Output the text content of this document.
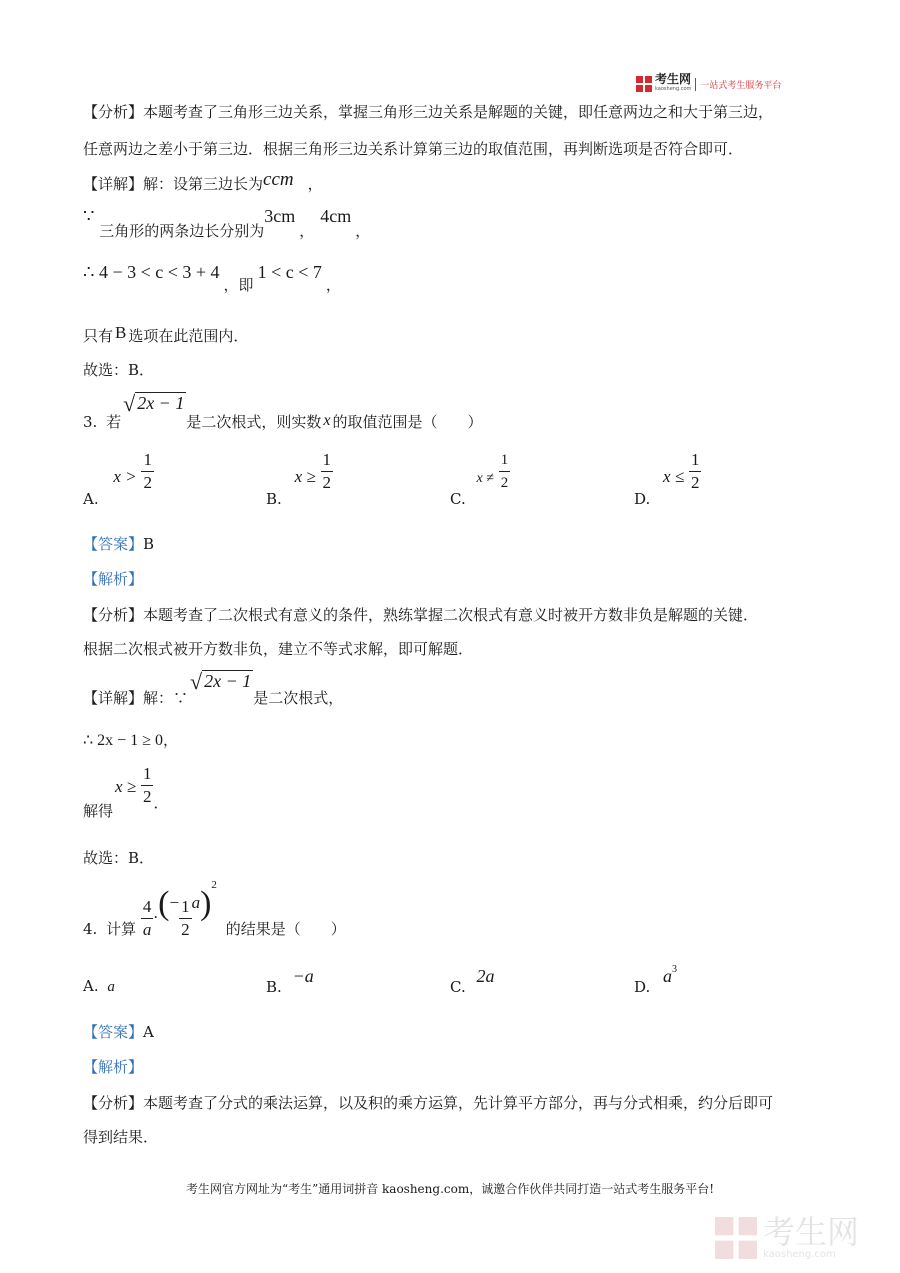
考生网
kaosheng.com	一站式考生服务平台
【分析】本题考查了三角形三边关系，掌握三角形三边关系是解题的关键，即任意两边之和大于第三边，
任意两边之差小于第三边．根据三角形三边关系计算第三边的取值范围，再判断选项是否符合即可．
【详解】解：设第三边长为ccm ，
∵ 三角形的两条边长分别为3cm，4cm，
∴ 4 − 3 < c < 3 + 4，即1 < c < 7，
只有 B 选项在此范围内．
故选：B．
3. 若
√ 2x − 1
是二次根式，则实数 x 的取值范围是（　　）
A. $x > \frac{1}{2}$
B. $x \ge \frac{1}{2}$
C. $x \ne \frac{1}{2}$
D. $x \le \frac{1}{2}$
【答案】B
【解析】
【分析】本题考查了二次根式有意义的条件，熟练掌握二次根式有意义时被开方数非负是解题的关键．
根据二次根式被开方数非负，建立不等式求解，即可解题．
【详解】解：∵
√ 2x − 1
是二次根式，
∴ 2x − 1 ≥ 0，
解得$x \ge \frac{1}{2}$ ．
故选：B．
4. 计算 $\frac{4}{a}$ ·(− $\frac{1}{2} a)^2$ 的结果是（　　）
A. a	B. −a
C. 2a
D. $a^3$
【答案】A
【解析】
【分析】本题考查了分式的乘法运算，以及积的乘方运算，先计算平方部分，再与分式相乘，约分后即可
得到结果．
考生网官方网址为“考生”通用词拼音 kaosheng.com，诚邀合作伙伴共同打造一站式考生服务平台!
考生网
kaosheng.com
